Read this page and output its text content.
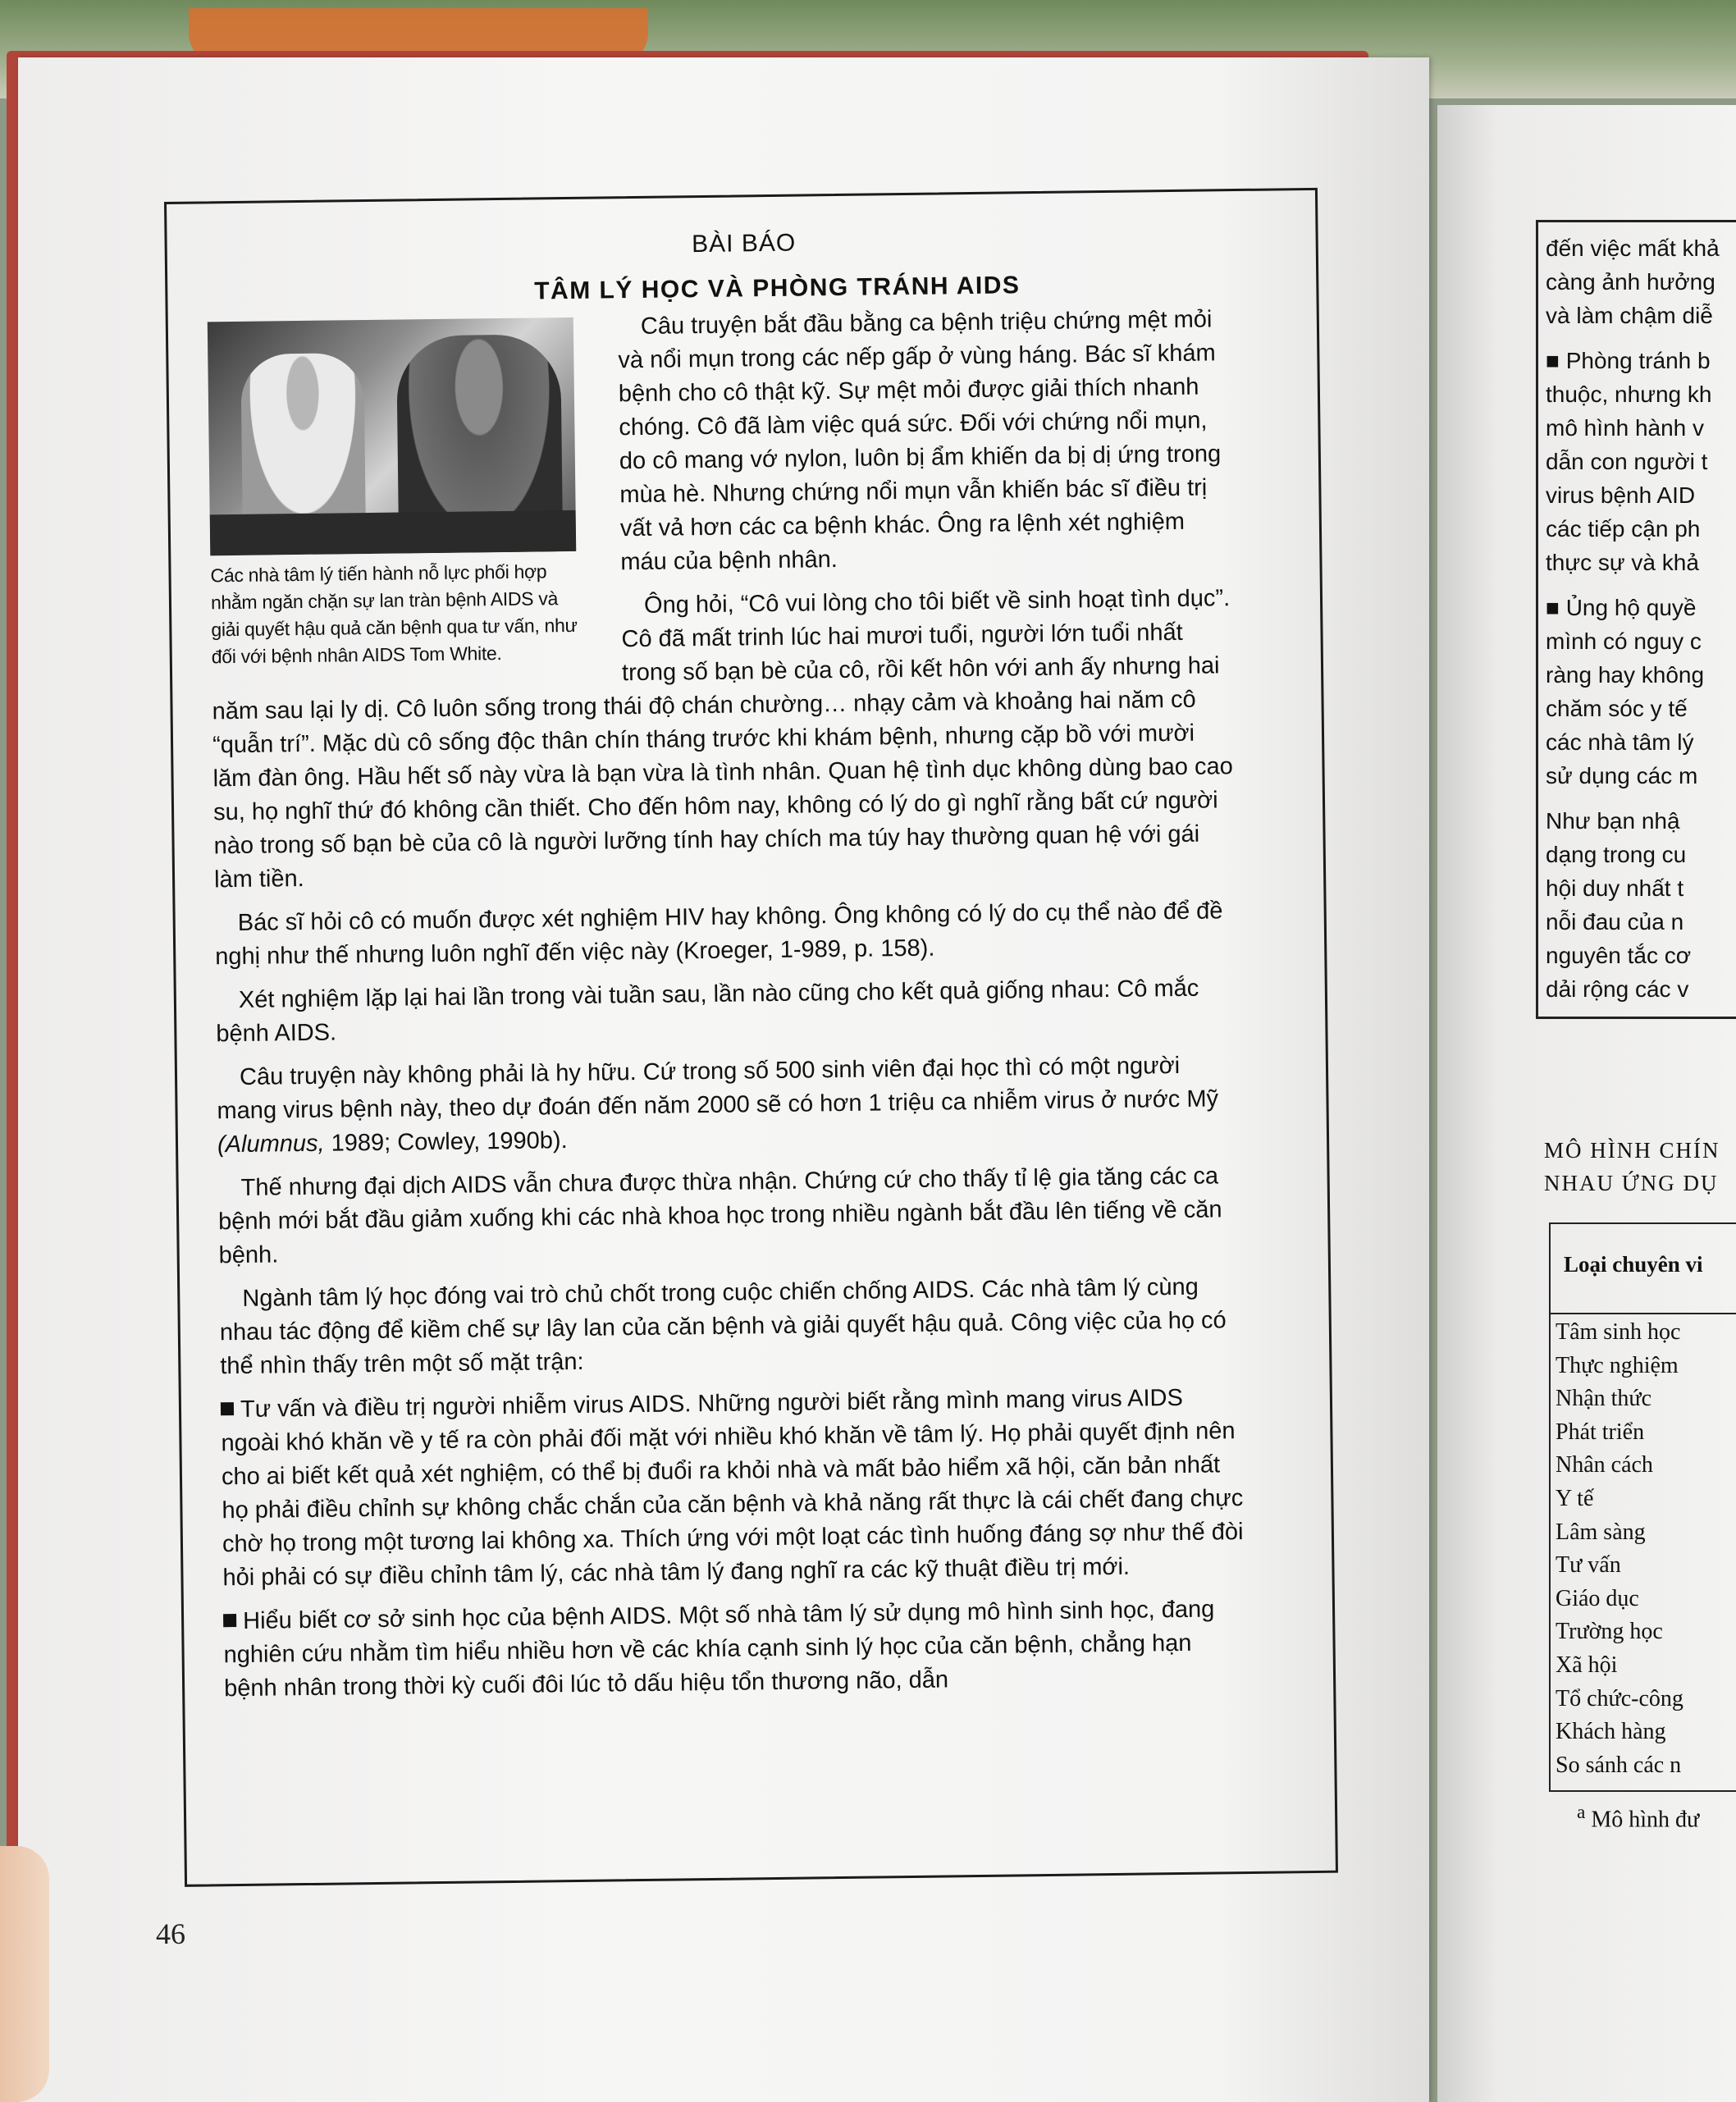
BÀI BÁO
TÂM LÝ HỌC VÀ PHÒNG TRÁNH AIDS
Các nhà tâm lý tiến hành nỗ lực phối hợp nhằm ngăn chặn sự lan tràn bệnh AIDS và giải quyết hậu quả căn bệnh qua tư vấn, như đối với bệnh nhân AIDS Tom White.

Câu truyện bắt đầu bằng ca bệnh triệu chứng mệt mỏi và nổi mụn trong các nếp gấp ở vùng háng. Bác sĩ khám bệnh cho cô thật kỹ. Sự mệt mỏi được giải thích nhanh chóng. Cô đã làm việc quá sức. Đối với chứng nổi mụn, do cô mang vớ nylon, luôn bị ẩm khiến da bị dị ứng trong mùa hè. Nhưng chứng nổi mụn vẫn khiến bác sĩ điều trị vất vả hơn các ca bệnh khác. Ông ra lệnh xét nghiệm máu của bệnh nhân.

Ông hỏi, “Cô vui lòng cho tôi biết về sinh hoạt tình dục”. Cô đã mất trinh lúc hai mươi tuổi, người lớn tuổi nhất trong số bạn bè của cô, rồi kết hôn với anh ấy nhưng hai năm sau lại ly dị. Cô luôn sống trong thái độ chán chường… nhạy cảm và khoảng hai năm cô “quẫn trí”. Mặc dù cô sống độc thân chín tháng trước khi khám bệnh, nhưng cặp bồ với mười lăm đàn ông. Hầu hết số này vừa là bạn vừa là tình nhân. Quan hệ tình dục không dùng bao cao su, họ nghĩ thứ đó không cần thiết. Cho đến hôm nay, không có lý do gì nghĩ rằng bất cứ người nào trong số bạn bè của cô là người lưỡng tính hay chích ma túy hay thường quan hệ với gái làm tiền.

Bác sĩ hỏi cô có muốn được xét nghiệm HIV hay không. Ông không có lý do cụ thể nào để đề nghị như thế nhưng luôn nghĩ đến việc này (Kroeger, 1-989, p. 158).

Xét nghiệm lặp lại hai lần trong vài tuần sau, lần nào cũng cho kết quả giống nhau: Cô mắc bệnh AIDS.

Câu truyện này không phải là hy hữu. Cứ trong số 500 sinh viên đại học thì có một người mang virus bệnh này, theo dự đoán đến năm 2000 sẽ có hơn 1 triệu ca nhiễm virus ở nước Mỹ (Alumnus, 1989; Cowley, 1990b).

Thế nhưng đại dịch AIDS vẫn chưa được thừa nhận. Chứng cứ cho thấy tỉ lệ gia tăng các ca bệnh mới bắt đầu giảm xuống khi các nhà khoa học trong nhiều ngành bắt đầu lên tiếng về căn bệnh.

Ngành tâm lý học đóng vai trò chủ chốt trong cuộc chiến chống AIDS. Các nhà tâm lý cùng nhau tác động để kiềm chế sự lây lan của căn bệnh và giải quyết hậu quả. Công việc của họ có thể nhìn thấy trên một số mặt trận:

Tư vấn và điều trị người nhiễm virus AIDS. Những người biết rằng mình mang virus AIDS ngoài khó khăn về y tế ra còn phải đối mặt với nhiều khó khăn về tâm lý. Họ phải quyết định nên cho ai biết kết quả xét nghiệm, có thể bị đuổi ra khỏi nhà và mất bảo hiểm xã hội, căn bản nhất họ phải điều chỉnh sự không chắc chắn của căn bệnh và khả năng rất thực là cái chết đang chực chờ họ trong một tương lai không xa. Thích ứng với một loạt các tình huống đáng sợ như thế đòi hỏi phải có sự điều chỉnh tâm lý, các nhà tâm lý đang nghĩ ra các kỹ thuật điều trị mới.

Hiểu biết cơ sở sinh học của bệnh AIDS. Một số nhà tâm lý sử dụng mô hình sinh học, đang nghiên cứu nhằm tìm hiểu nhiều hơn về các khía cạnh sinh lý học của căn bệnh, chẳng hạn bệnh nhân trong thời kỳ cuối đôi lúc tỏ dấu hiệu tổn thương não, dẫn

46
đến việc mất khả
càng ảnh hưởng
và làm chậm diễ
■ Phòng tránh b
thuộc, nhưng kh
mô hình hành v
dẫn con người t
virus bệnh AID
các tiếp cận ph
thực sự và khả
■ Ủng hộ quyề
mình có nguy c
ràng hay không
chăm sóc y tế
các nhà tâm lý
sử dụng các m
Như bạn nhậ
dạng trong cu
hội duy nhất t
nỗi đau của n
nguyên tắc cơ
dải rộng các v
MÔ HÌNH CHÍN
NHAU ỨNG DỤ
Loại chuyên vi
Tâm sinh học
Thực nghiệm
Nhận thức
Phát triển
Nhân cách
Y tế
Lâm sàng
Tư vấn
Giáo dục
Trường học
Xã hội
Tổ chức-công
Khách hàng
So sánh các n
$^a$ Mô hình đư
